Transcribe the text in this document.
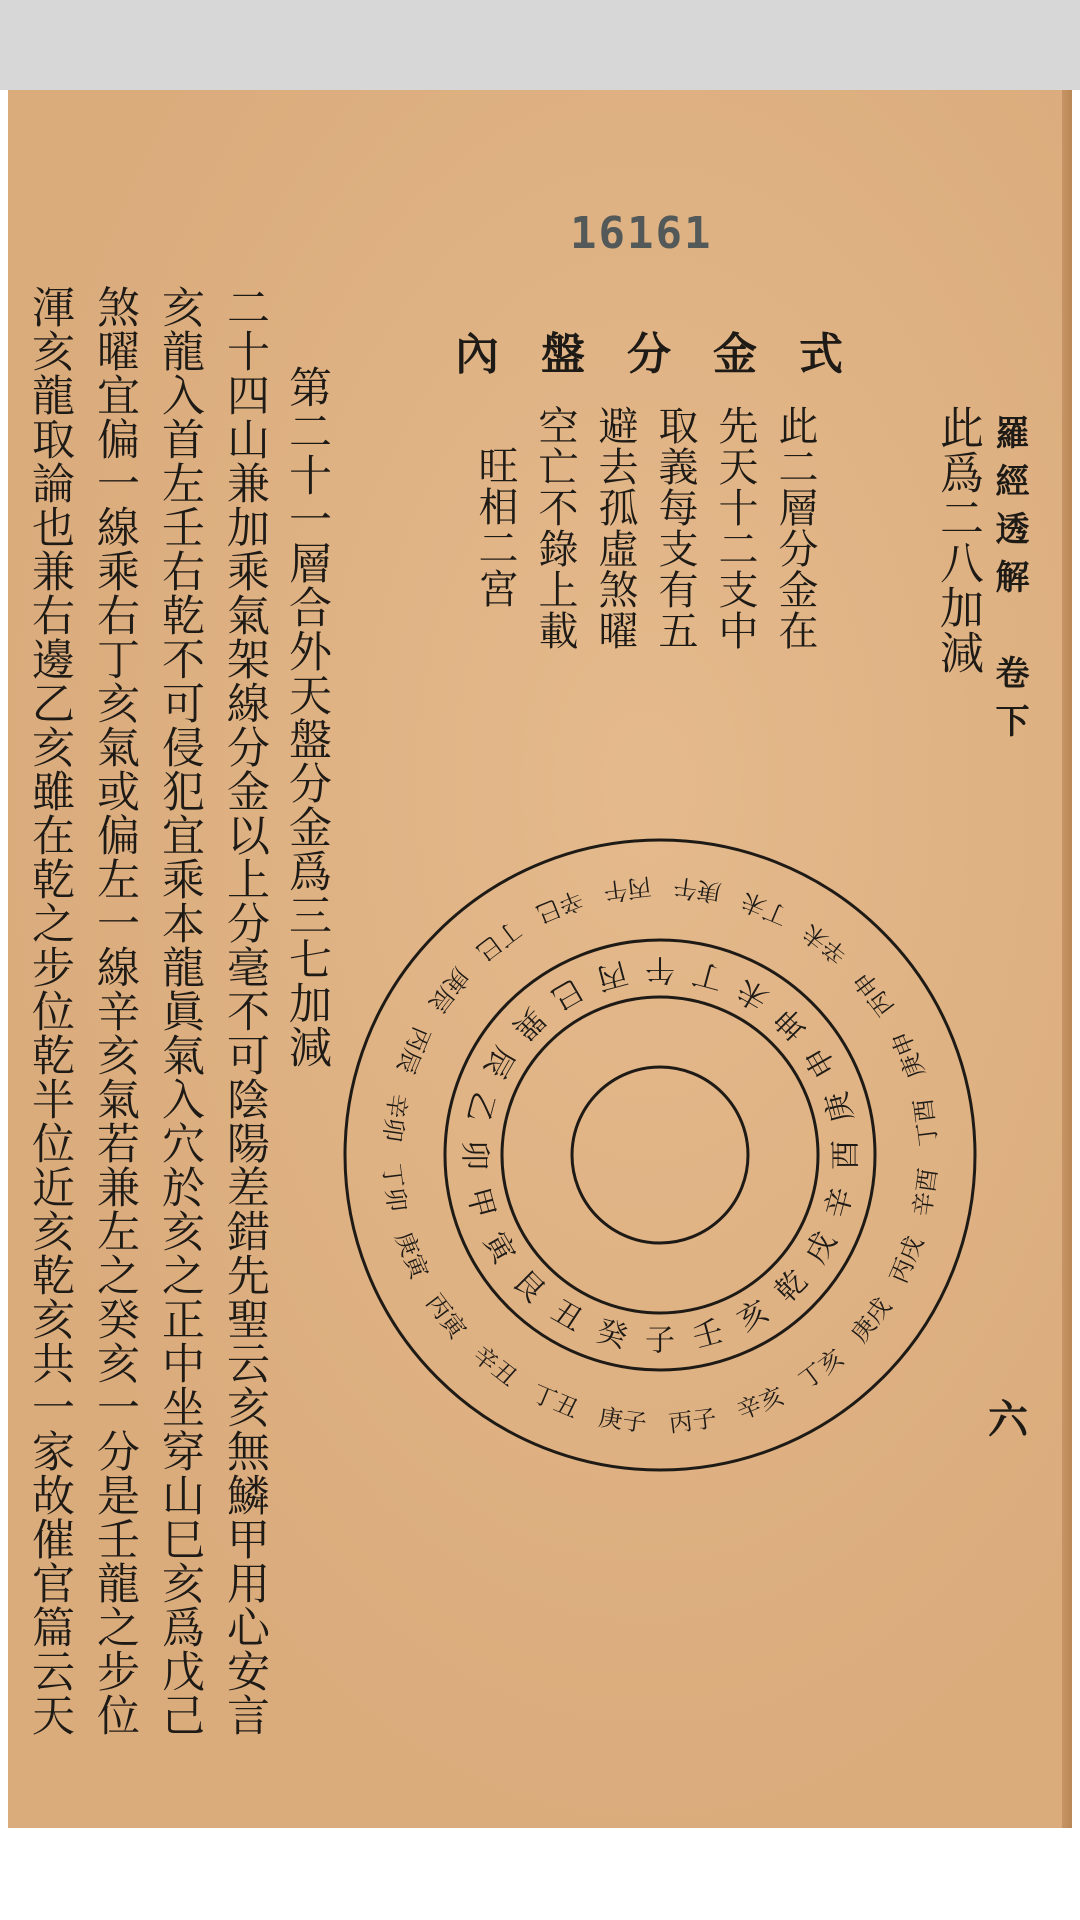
16161
羅經透解　卷下
此爲二八加減
內盤分金式
此二層分金在
先天十二支中
取義每支有五
避去孤虛煞曜
空亡不錄上載
旺相二宮
第二十一層合外天盤分金爲三七加減
二十四山兼加乘氣架線分金以上分毫不可陰陽差錯先聖云亥無鱗甲用心安言
亥龍入首左壬右乾不可侵犯宜乘本龍眞氣入穴於亥之正中坐穿山巳亥爲戊己
煞曜宜偏一線乘右丁亥氣或偏左一線辛亥氣若兼左之癸亥一分是壬龍之步位
渾亥龍取論也兼右邊乙亥雖在乾之步位乾半位近亥乾亥共一家故催官篇云天	丙子
庚子
丁丑
辛丑
丙寅
庚寅
丁卯
辛卯
丙辰
庚辰
丁巳
辛巳 丙午 庚午 丁未
辛未
丙申
庚申
丁酉
辛酉
丙戌
庚戌
丁亥
辛亥
子
癸
丑
艮
寅
甲
卯
乙
辰
巽
巳 丙 午 丁 未
坤
申
庚
酉
辛
戌
乾
亥
壬
六
